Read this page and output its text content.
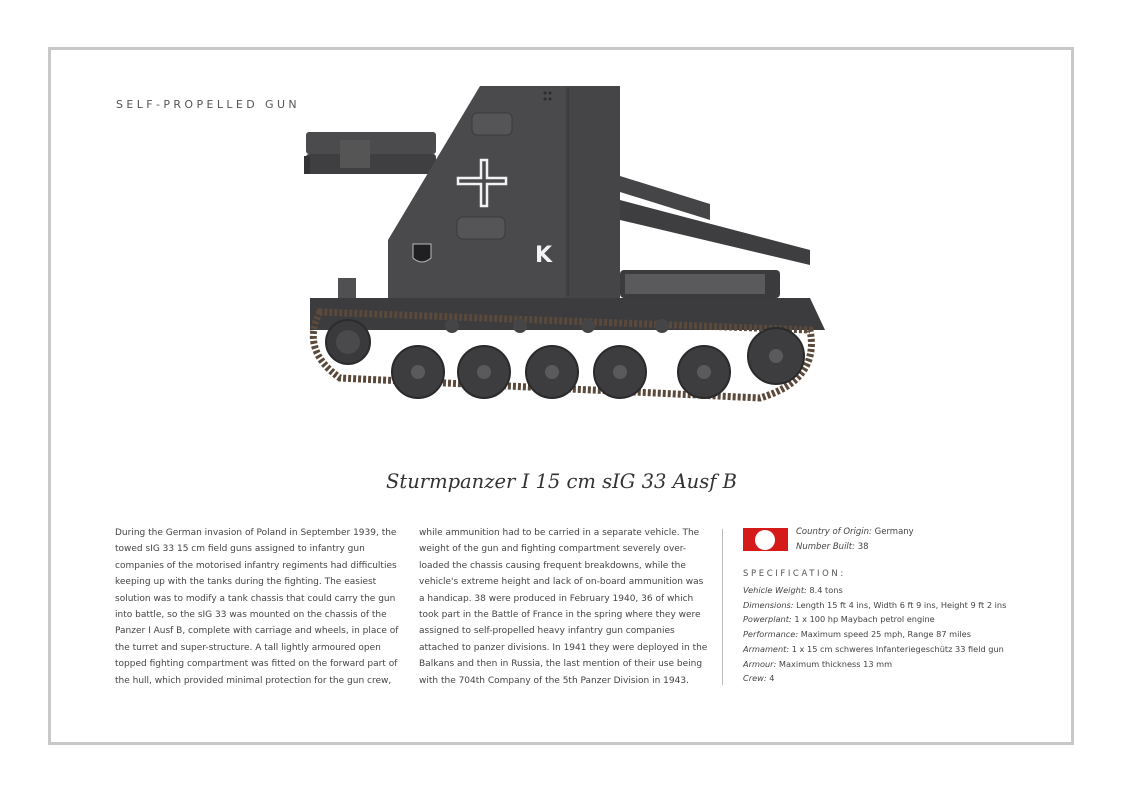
SELF-PROPELLED GUN
K
Sturmpanzer I 15 cm sIG 33 Ausf B
During the German invasion of Poland in September 1939, the
towed sIG 33 15 cm field guns assigned to infantry gun
companies of the motorised infantry regiments had difficulties
keeping up with the tanks during the fighting. The easiest
solution was to modify a tank chassis that could carry the gun
into battle, so the sIG 33 was mounted on the chassis of the
Panzer I Ausf B, complete with carriage and wheels, in place of
the turret and super-structure. A tall lightly armoured open
topped fighting compartment was fitted on the forward part of
the hull, which provided minimal protection for the gun crew,
while ammunition had to be carried in a separate vehicle. The
weight of the gun and fighting compartment severely over-
loaded the chassis causing frequent breakdowns, while the
vehicle's extreme height and lack of on-board ammunition was
a handicap. 38 were produced in February 1940, 36 of which
took part in the Battle of France in the spring where they were
assigned to self-propelled heavy infantry gun companies
attached to panzer divisions. In 1941 they were deployed in the
Balkans and then in Russia, the last mention of their use being
with the 704th Company of the 5th Panzer Division in 1943.
Country of Origin: Germany
Number Built: 38
SPECIFICATION:
Vehicle Weight: 8.4 tons
Dimensions: Length 15 ft 4 ins, Width 6 ft 9 ins, Height 9 ft 2 ins
Powerplant: 1 x 100 hp Maybach petrol engine
Performance: Maximum speed 25 mph, Range 87 miles
Armament: 1 x 15 cm schweres Infanteriegeschütz 33 field gun
Armour: Maximum thickness 13 mm
Crew: 4
